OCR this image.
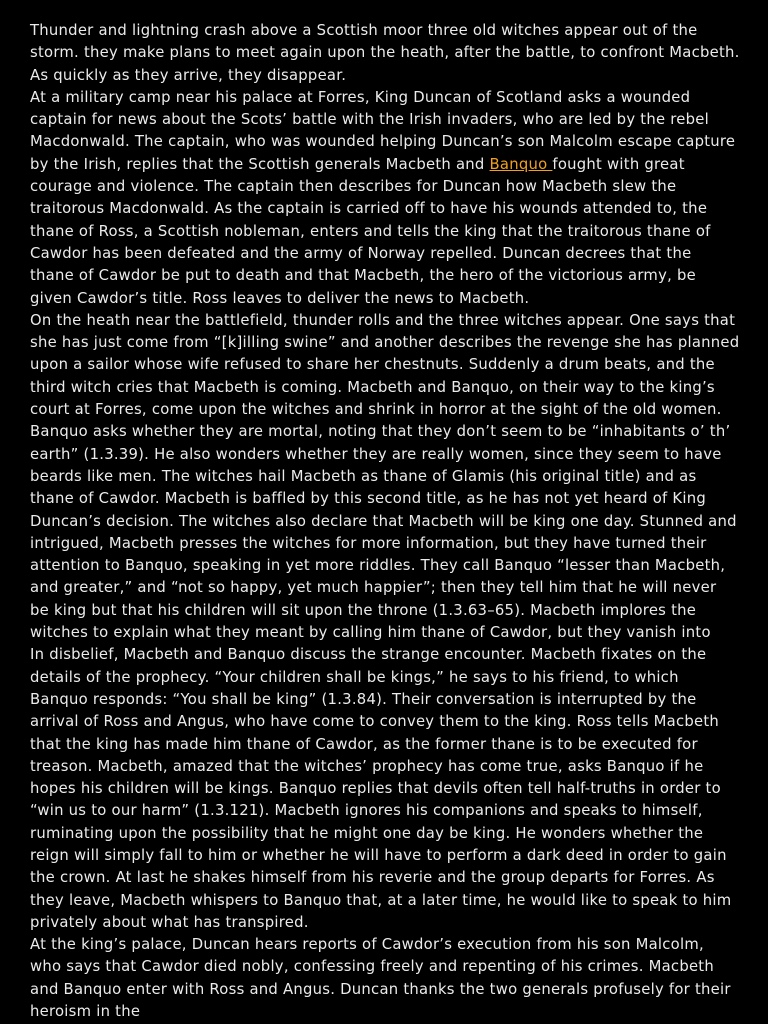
Thunder and lightning crash above a Scottish moor three old witches appear out of the storm. they make plans to meet again upon the heath, after the battle, to confront Macbeth. As quickly as they arrive, they disappear.

At a military camp near his palace at Forres, King Duncan of Scotland asks a wounded captain for news about the Scots’ battle with the Irish invaders, who are led by the rebel Macdonwald. The captain, who was wounded helping Duncan’s son Malcolm escape capture by the Irish, replies that the Scottish generals Macbeth and Banquo fought with great courage and violence. The captain then describes for Duncan how Macbeth slew the traitorous Macdonwald. As the captain is carried off to have his wounds attended to, the thane of Ross, a Scottish nobleman, enters and tells the king that the traitorous thane of Cawdor has been defeated and the army of Norway repelled. Duncan decrees that the thane of Cawdor be put to death and that Macbeth, the hero of the victorious army, be given Cawdor’s title. Ross leaves to deliver the news to Macbeth.

On the heath near the battlefield, thunder rolls and the three witches appear. One says that she has just come from “[k]illing swine” and another describes the revenge she has planned upon a sailor whose wife refused to share her chestnuts. Suddenly a drum beats, and the third witch cries that Macbeth is coming. Macbeth and Banquo, on their way to the king’s court at Forres, come upon the witches and shrink in horror at the sight of the old women. Banquo asks whether they are mortal, noting that they don’t seem to be “inhabitants o’ th’ earth” (1.3.39). He also wonders whether they are really women, since they seem to have beards like men. The witches hail Macbeth as thane of Glamis (his original title) and as thane of Cawdor. Macbeth is baffled by this second title, as he has not yet heard of King Duncan’s decision. The witches also declare that Macbeth will be king one day. Stunned and intrigued, Macbeth presses the witches for more information, but they have turned their attention to Banquo, speaking in yet more riddles. They call Banquo “lesser than Macbeth, and greater,” and “not so happy, yet much happier”; then they tell him that he will never be king but that his children will sit upon the throne (1.3.63–65). Macbeth implores the witches to explain what they meant by calling him thane of Cawdor, but they vanish into

In disbelief, Macbeth and Banquo discuss the strange encounter. Macbeth fixates on the details of the prophecy. “Your children shall be kings,” he says to his friend, to which Banquo responds: “You shall be king” (1.3.84). Their conversation is interrupted by the arrival of Ross and Angus, who have come to convey them to the king. Ross tells Macbeth that the king has made him thane of Cawdor, as the former thane is to be executed for treason. Macbeth, amazed that the witches’ prophecy has come true, asks Banquo if he hopes his children will be kings. Banquo replies that devils often tell half-truths in order to “win us to our harm” (1.3.121). Macbeth ignores his companions and speaks to himself, ruminating upon the possibility that he might one day be king. He wonders whether the reign will simply fall to him or whether he will have to perform a dark deed in order to gain the crown. At last he shakes himself from his reverie and the group departs for Forres. As they leave, Macbeth whispers to Banquo that, at a later time, he would like to speak to him privately about what has transpired.

At the king’s palace, Duncan hears reports of Cawdor’s execution from his son Malcolm, who says that Cawdor died nobly, confessing freely and repenting of his crimes. Macbeth and Banquo enter with Ross and Angus. Duncan thanks the two generals profusely for their heroism in the
